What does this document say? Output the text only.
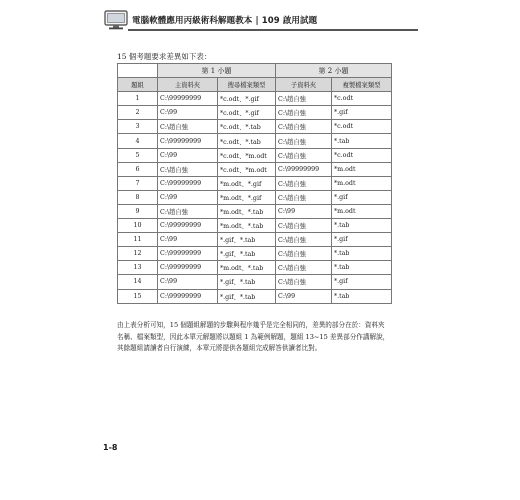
電腦軟體應用丙級術科解題教本 | 109 啟用試題
15 個考題要求差異如下表：
	第 1 小題		第 2 小題	
題組	主資料夾	搜尋檔案類型	子資料夾	複製檔案類型
1	C:\99999999	*c.odt、*.gif	C:\趙自強	*c.odt
2	C:\99	*c.odt、*.gif	C:\趙自強	*.gif
3	C:\趙自強	*c.odt、*.tab	C:\趙自強	*c.odt
4	C:\99999999	*c.odt、*.tab	C:\趙自強	*.tab
5	C:\99	*c.odt、*m.odt	C:\趙自強	*c.odt
6	C:\趙自強	*c.odt、*m.odt	C:\99999999	*m.odt
7	C:\99999999	*m.odt、*.gif	C:\趙自強	*m.odt
8	C:\99	*m.odt、*.gif	C:\趙自強	*.gif
9	C:\趙自強	*m.odt、*.tab	C:\99	*m.odt
10	C:\99999999	*m.odt、*.tab	C:\趙自強	*.tab
11	C:\99	*.gif、*.tab	C:\趙自強	*.gif
12	C:\99999999	*.gif、*.tab	C:\趙自強	*.tab
13	C:\99999999	*m.odt、*.tab	C:\趙自強	*.tab
14	C:\99	*.gif、*.tab	C:\趙自強	*.gif
15	C:\99999999	*.gif、*.tab	C:\99	*.tab
由上表分析可知，15 個題組解題的步驟與程序幾乎是完全相同的，差異的部分在於：資料夾
名稱、檔案類型，因此本單元解題將以題組 1 為範例解題，題組 13~15 差異部分作講解說，
其餘題組請讀者自行演練，本單元將提供各題組完成解答供讀者比對。
1-8
